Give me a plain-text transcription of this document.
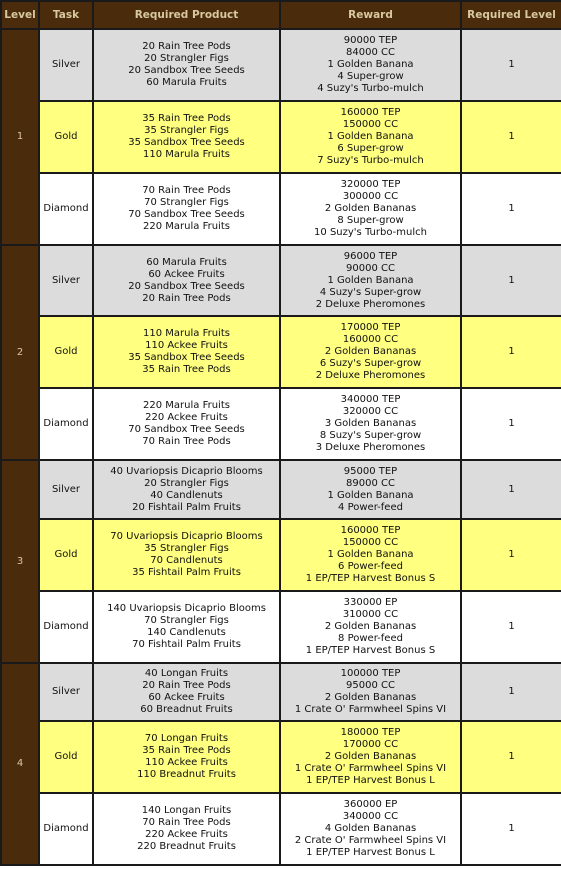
Level	Task	Required Product	Reward	Required Level
1	Silver	20 Rain Tree Pods
20 Strangler Figs
20 Sandbox Tree Seeds
60 Marula Fruits	90000 TEP
84000 CC
1 Golden Banana
4 Super-grow
4 Suzy's Turbo-mulch	1
	Gold	35 Rain Tree Pods
35 Strangler Figs
35 Sandbox Tree Seeds
110 Marula Fruits	160000 TEP
150000 CC
1 Golden Banana
6 Super-grow
7 Suzy's Turbo-mulch	1
	Diamond	70 Rain Tree Pods
70 Strangler Figs
70 Sandbox Tree Seeds
220 Marula Fruits	320000 TEP
300000 CC
2 Golden Bananas
8 Super-grow
10 Suzy's Turbo-mulch	1
2	Silver	60 Marula Fruits
60 Ackee Fruits
20 Sandbox Tree Seeds
20 Rain Tree Pods	96000 TEP
90000 CC
1 Golden Banana
4 Suzy's Super-grow
2 Deluxe Pheromones	1
	Gold	110 Marula Fruits
110 Ackee Fruits
35 Sandbox Tree Seeds
35 Rain Tree Pods	170000 TEP
160000 CC
2 Golden Bananas
6 Suzy's Super-grow
2 Deluxe Pheromones	1
	Diamond	220 Marula Fruits
220 Ackee Fruits
70 Sandbox Tree Seeds
70 Rain Tree Pods	340000 TEP
320000 CC
3 Golden Bananas
8 Suzy's Super-grow
3 Deluxe Pheromones	1
3	Silver	40 Uvariopsis Dicaprio Blooms
20 Strangler Figs
40 Candlenuts
20 Fishtail Palm Fruits	95000 TEP
89000 CC
1 Golden Banana
4 Power-feed	1
	Gold	70 Uvariopsis Dicaprio Blooms
35 Strangler Figs
70 Candlenuts
35 Fishtail Palm Fruits	160000 TEP
150000 CC
1 Golden Banana
6 Power-feed
1 EP/TEP Harvest Bonus S	1
	Diamond	140 Uvariopsis Dicaprio Blooms
70 Strangler Figs
140 Candlenuts
70 Fishtail Palm Fruits	330000 EP
310000 CC
2 Golden Bananas
8 Power-feed
1 EP/TEP Harvest Bonus S	1
4	Silver	40 Longan Fruits
20 Rain Tree Pods
60 Ackee Fruits
60 Breadnut Fruits	100000 TEP
95000 CC
2 Golden Bananas
1 Crate O' Farmwheel Spins VI	1
	Gold	70 Longan Fruits
35 Rain Tree Pods
110 Ackee Fruits
110 Breadnut Fruits	180000 TEP
170000 CC
2 Golden Bananas
1 Crate O' Farmwheel Spins VI
1 EP/TEP Harvest Bonus L	1
	Diamond	140 Longan Fruits
70 Rain Tree Pods
220 Ackee Fruits
220 Breadnut Fruits	360000 EP
340000 CC
4 Golden Bananas
2 Crate O' Farmwheel Spins VI
1 EP/TEP Harvest Bonus L	1
